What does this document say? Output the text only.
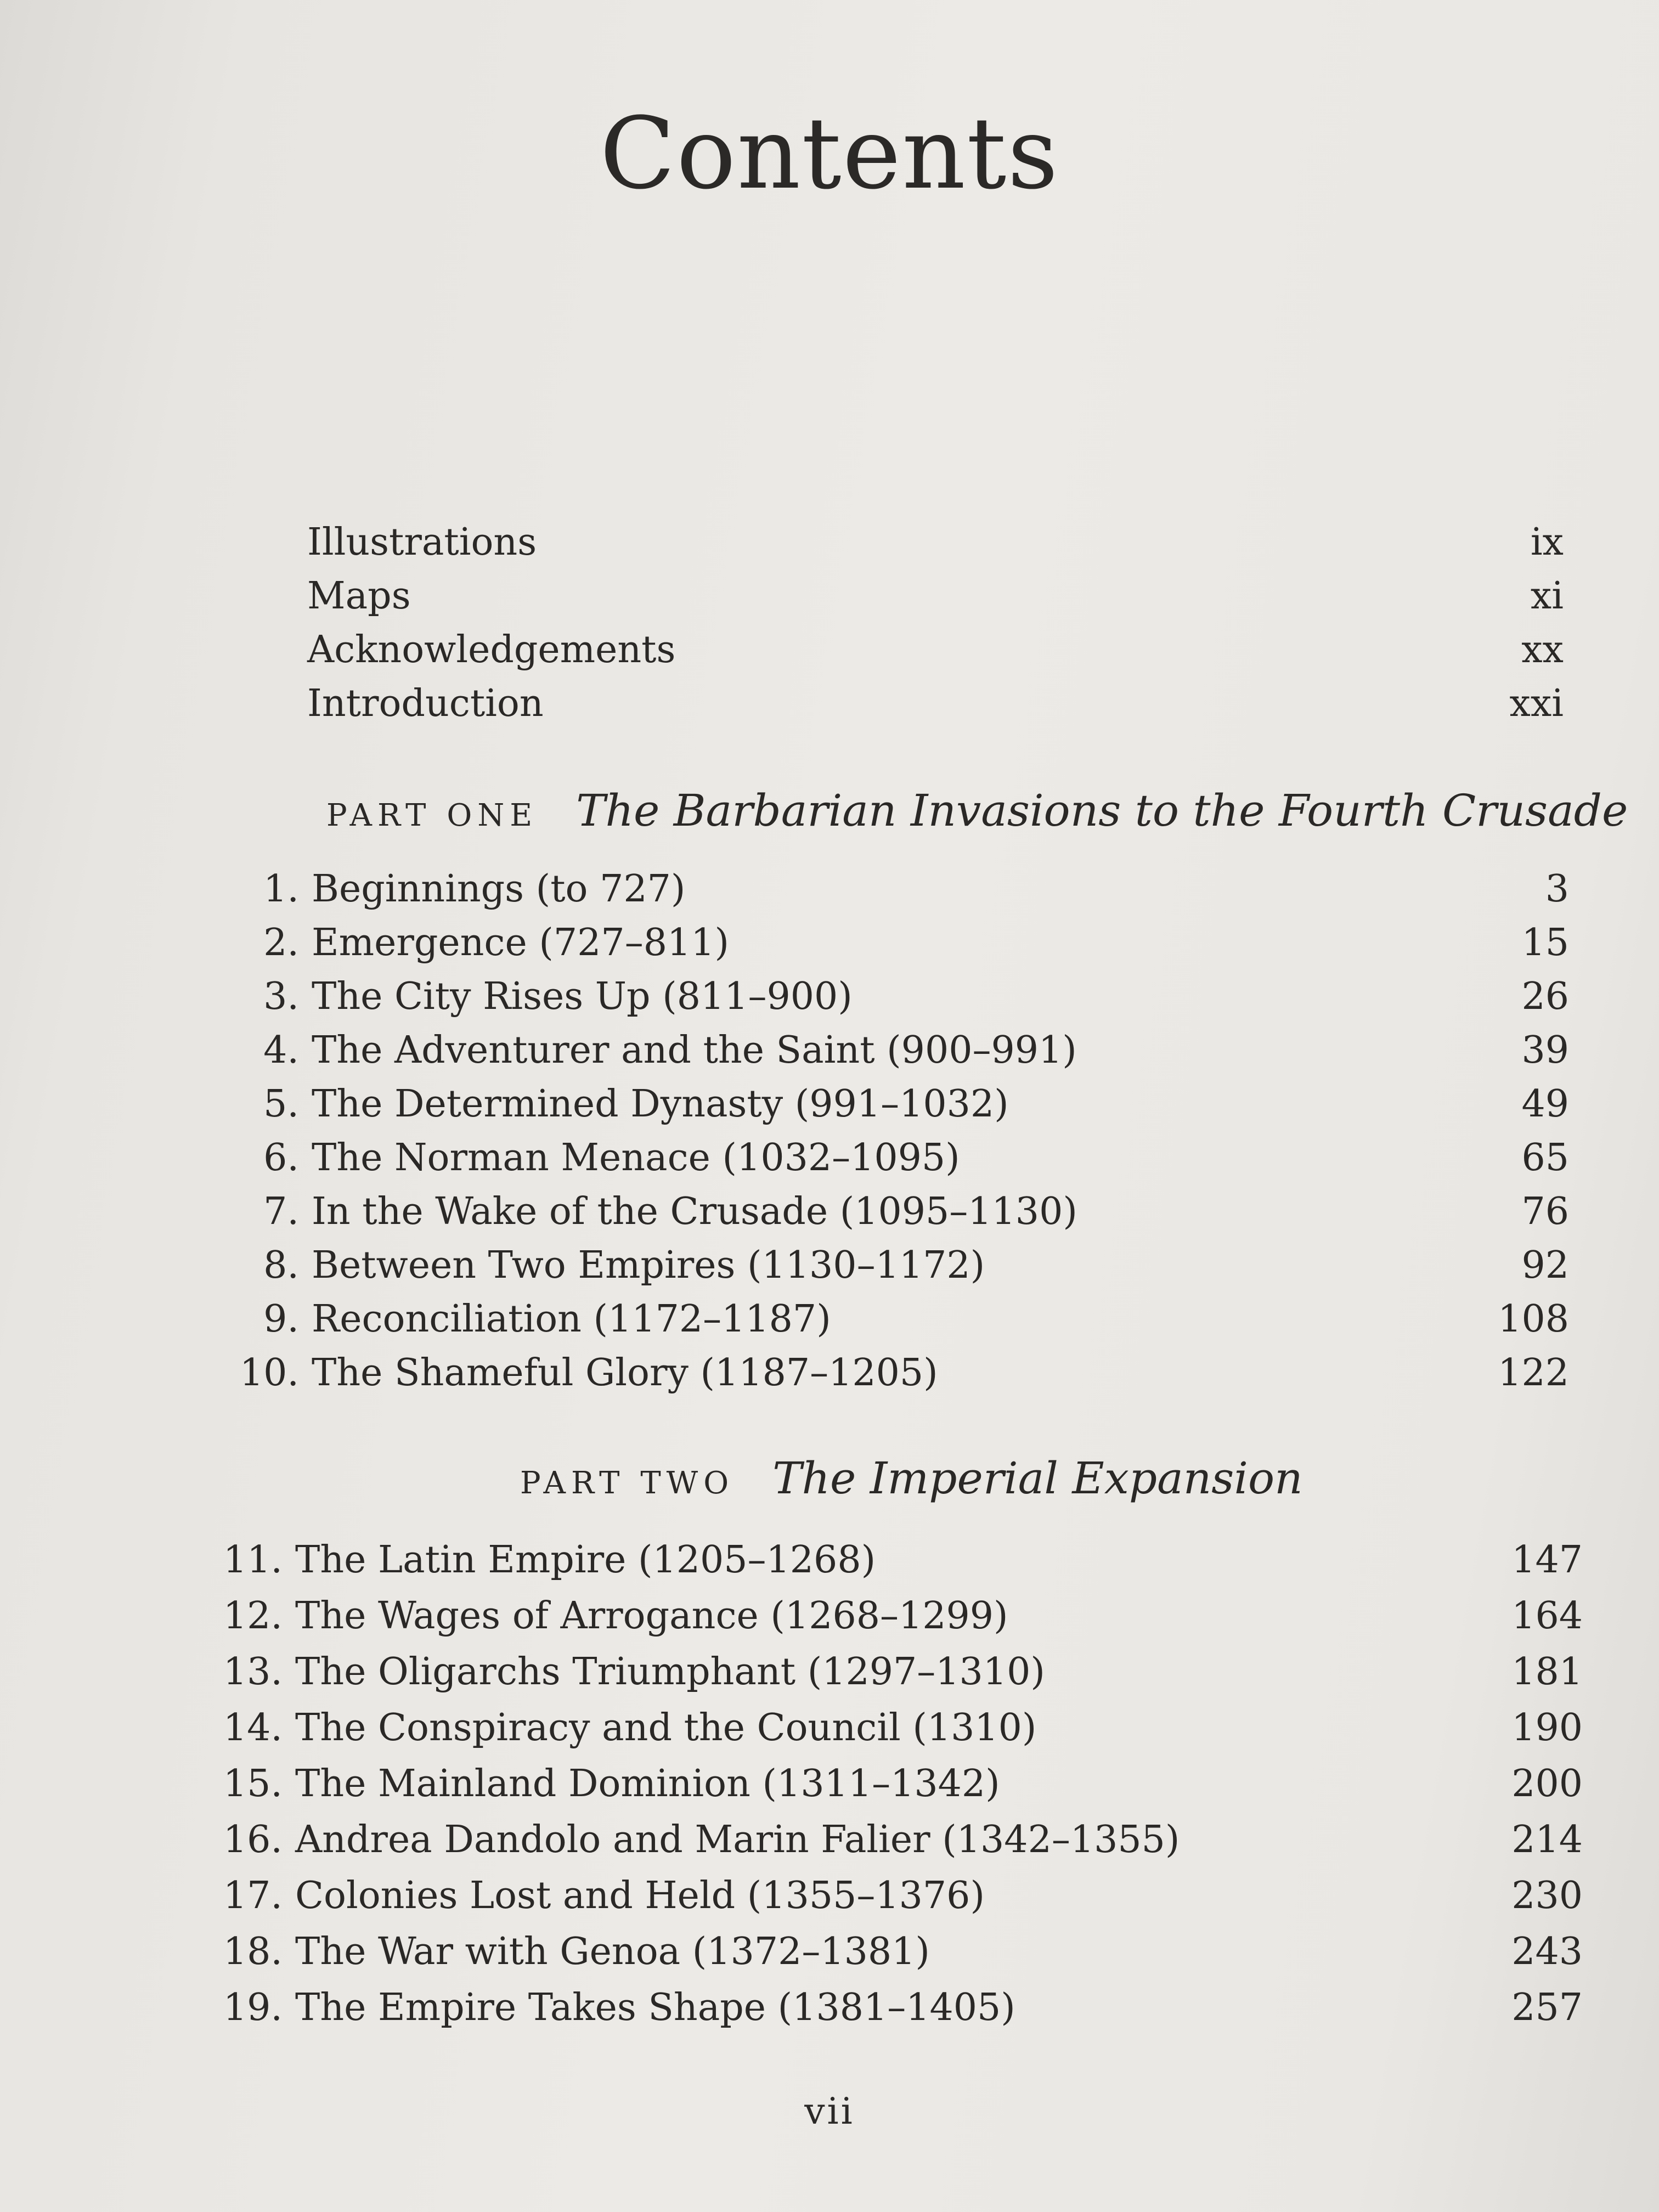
Contents
Illustrations	ix
Maps	xi
Acknowledgements	xx
Introduction	xxi
PART ONE The Barbarian Invasions to the Fourth Crusade
1. Beginnings (to 727)	3
2. Emergence (727–811)	15
3. The City Rises Up (811–900)	26
4. The Adventurer and the Saint (900–991)	39
5. The Determined Dynasty (991–1032)	49
6. The Norman Menace (1032–1095)	65
7. In the Wake of the Crusade (1095–1130)	76
8. Between Two Empires (1130–1172)	92
9. Reconciliation (1172–1187)	108
10. The Shameful Glory (1187–1205)	122
PART TWO The Imperial Expansion
11. The Latin Empire (1205–1268)	147
12. The Wages of Arrogance (1268–1299)	164
13. The Oligarchs Triumphant (1297–1310)	181
14. The Conspiracy and the Council (1310)	190
15. The Mainland Dominion (1311–1342)	200
16. Andrea Dandolo and Marin Falier (1342–1355)	214
17. Colonies Lost and Held (1355–1376)	230
18. The War with Genoa (1372–1381)	243
19. The Empire Takes Shape (1381–1405)	257
vii
